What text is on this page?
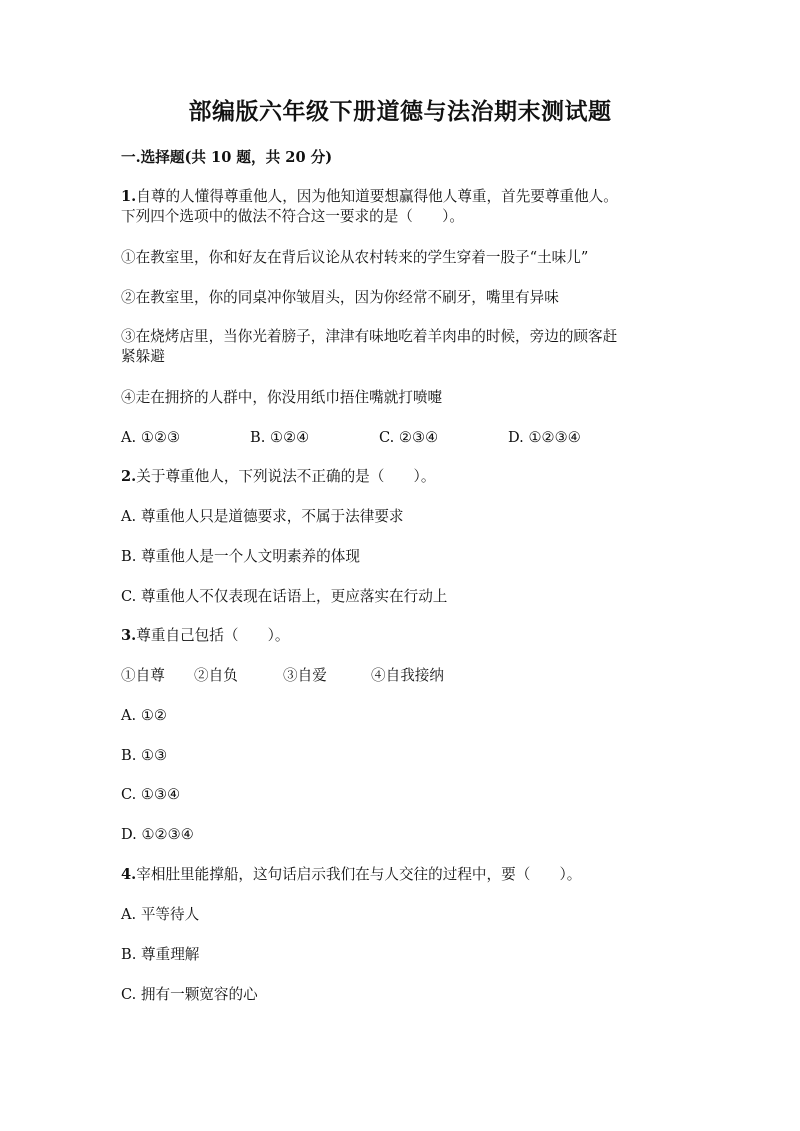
部编版六年级下册道德与法治期末测试题
一.选择题(共 10 题，共 20 分)
1.自尊的人懂得尊重他人，因为他知道要想赢得他人尊重，首先要尊重他人。
下列四个选项中的做法不符合这一要求的是（　　）。
①在教室里，你和好友在背后议论从农村转来的学生穿着一股子“土味儿”
②在教室里，你的同桌冲你皱眉头，因为你经常不刷牙，嘴里有异味
③在烧烤店里，当你光着膀子，津津有味地吃着羊肉串的时候，旁边的顾客赶
紧躲避
④走在拥挤的人群中，你没用纸巾捂住嘴就打喷嚏
A. ①②③	B. ①②④	C. ②③④	D. ①②③④
2.关于尊重他人，下列说法不正确的是（　　）。
A. 尊重他人只是道德要求，不属于法律要求
B. 尊重他人是一个人文明素养的体现
C. 尊重他人不仅表现在话语上，更应落实在行动上
3.尊重自己包括（　　）。
①自尊 ②自负	③自爱	④自我接纳
A. ①②
B. ①③
C. ①③④
D. ①②③④
4.宰相肚里能撑船，这句话启示我们在与人交往的过程中，要（　　）。
A. 平等待人
B. 尊重理解
C. 拥有一颗宽容的心
